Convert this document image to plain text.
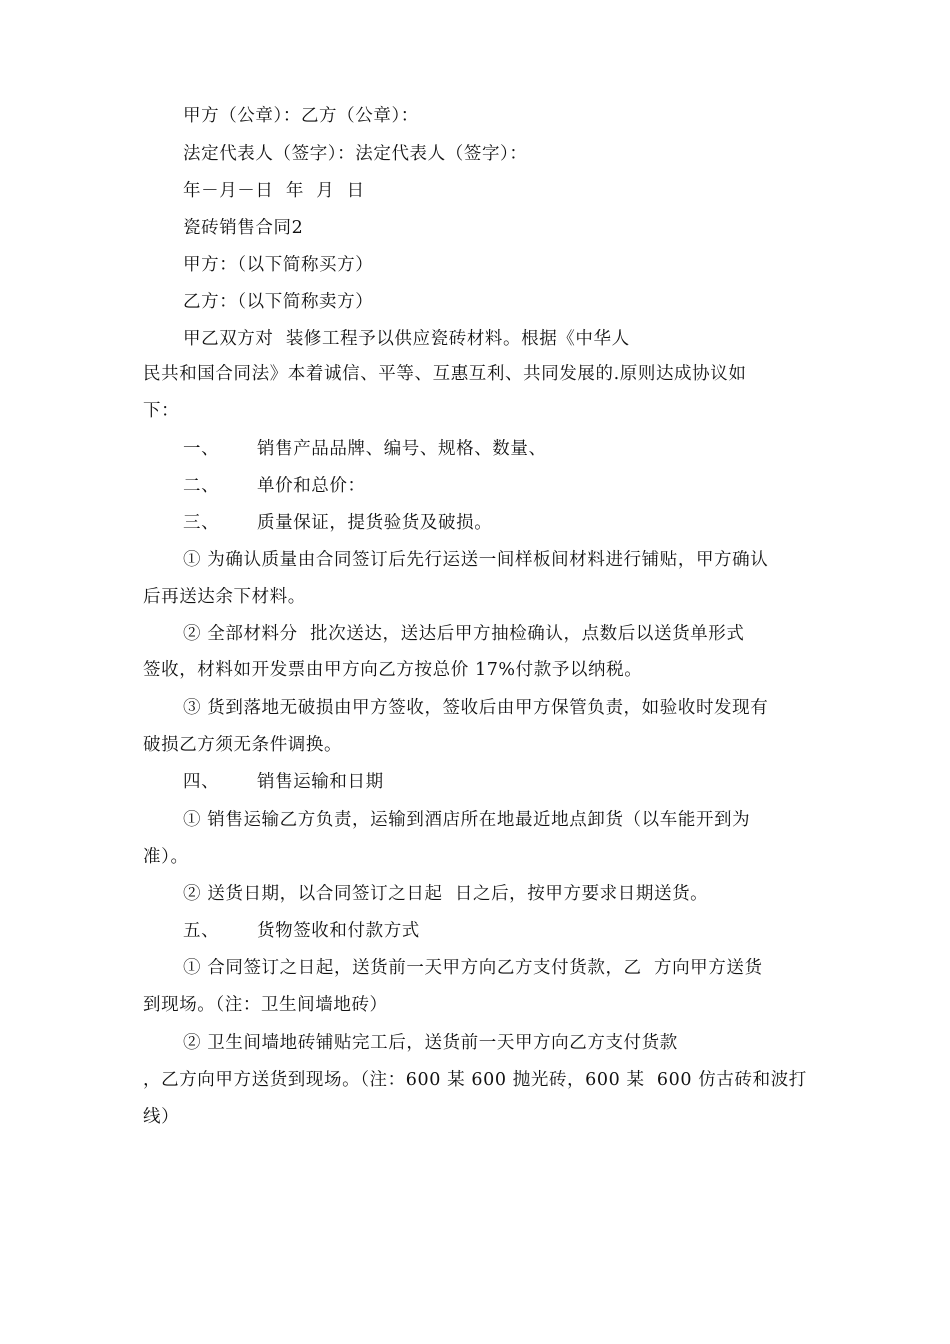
甲方（公章）：乙方（公章）：
法定代表人（签字）：法定代表人（签字）：
年－月－日  年  月  日
瓷砖销售合同2
甲方：（以下简称买方）
乙方：（以下简称卖方）
甲乙双方对  装修工程予以供应瓷砖材料。根据《中华人
民共和国合同法》本着诚信、平等、互惠互利、共同发展的.原则达成协议如
下：
一、 销售产品品牌、编号、规格、数量、
二、 单价和总价：
三、 质量保证，提货验货及破损。
① 为确认质量由合同签订后先行运送一间样板间材料进行铺贴，甲方确认
后再送达余下材料。
② 全部材料分  批次送达，送达后甲方抽检确认，点数后以送货单形式
签收，材料如开发票由甲方向乙方按总价 17%付款予以纳税。
③ 货到落地无破损由甲方签收，签收后由甲方保管负责，如验收时发现有
破损乙方须无条件调换。
四、 销售运输和日期
① 销售运输乙方负责，运输到酒店所在地最近地点卸货（以车能开到为
准）。
② 送货日期，以合同签订之日起  日之后，按甲方要求日期送货。
五、 货物签收和付款方式
① 合同签订之日起，送货前一天甲方向乙方支付货款，乙  方向甲方送货
到现场。（注：卫生间墙地砖）
② 卫生间墙地砖铺贴完工后，送货前一天甲方向乙方支付货款
，乙方向甲方送货到现场。（注：600 某 600 抛光砖，600 某  600 仿古砖和波打
线）
